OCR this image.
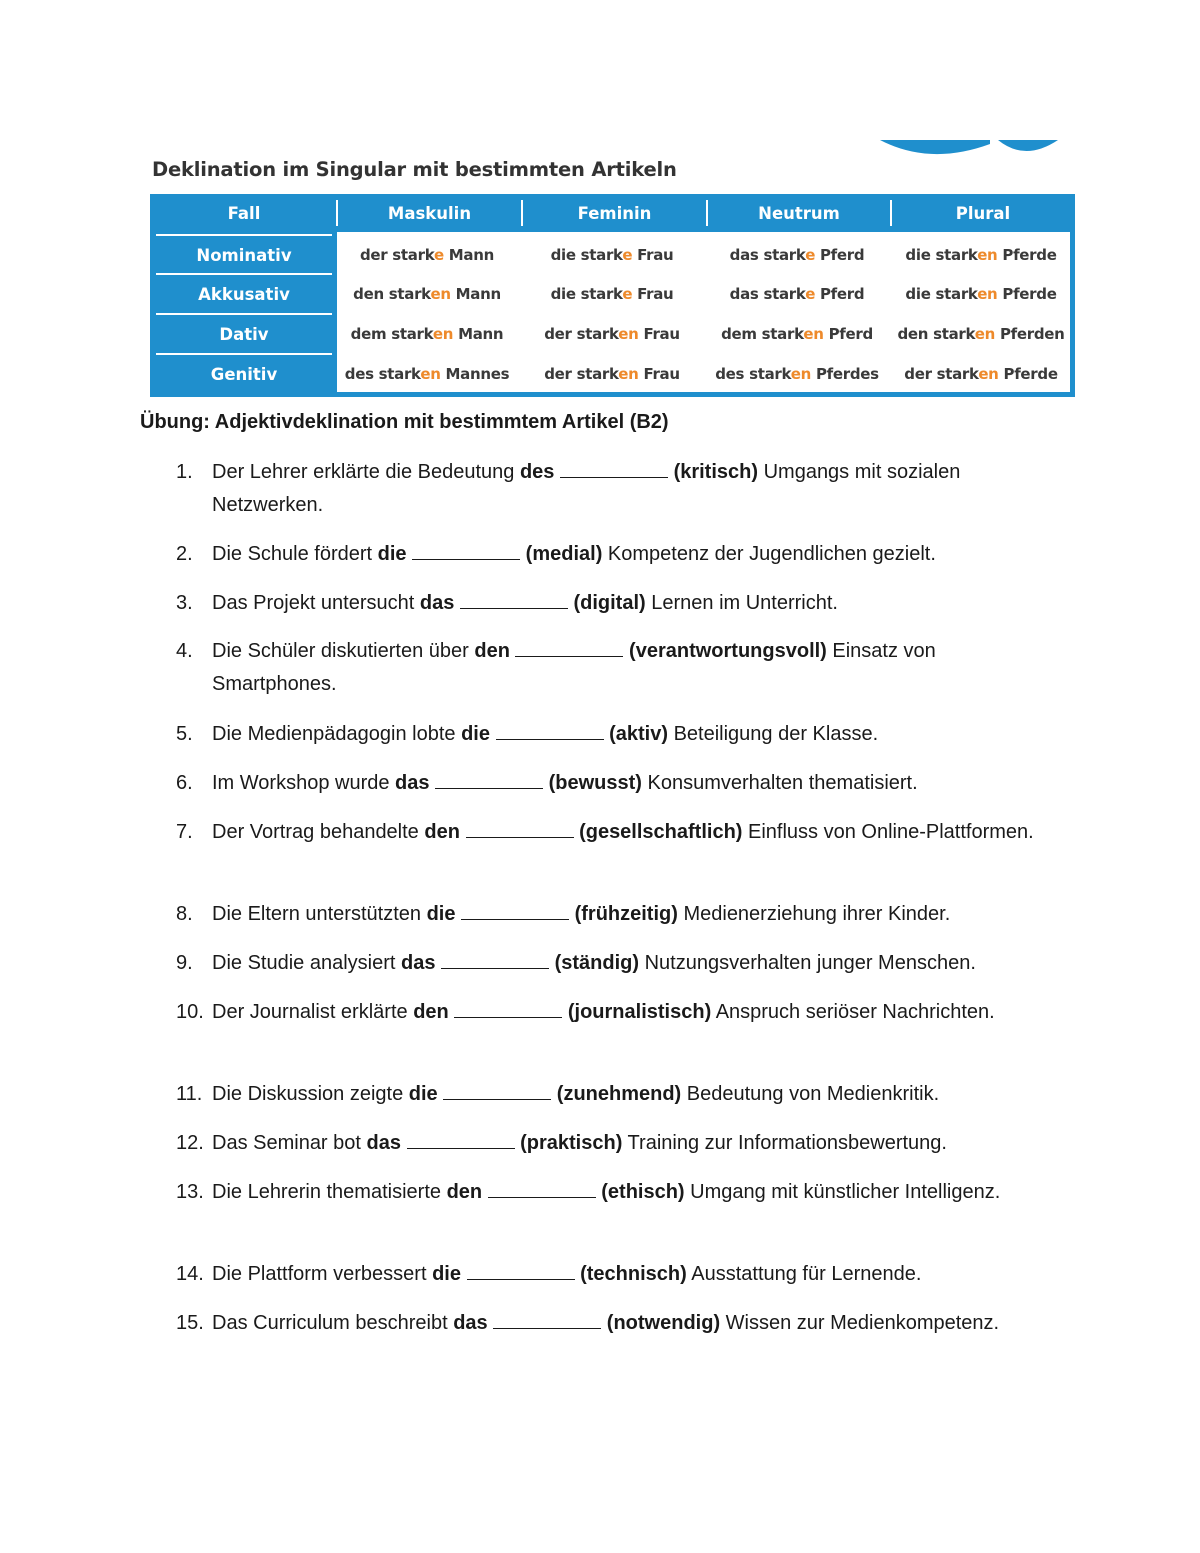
Deklination im Singular mit bestimmten Artikeln
Fall	Maskulin	Feminin	Neutrum	Plural
Nominativ	der starke Mann	die starke Frau	das starke Pferd	die starken Pferde
Akkusativ	den starken Mann	die starke Frau	das starke Pferd	die starken Pferde
Dativ	dem starken Mann	der starken Frau	dem starken Pferd	den starken Pferden
Genitiv	des starken Mannes	der starken Frau	des starken Pferdes	der starken Pferde
Übung: Adjektivdeklination mit bestimmtem Artikel (B2)
1. Der Lehrer erklärte die Bedeutung des	(kritisch) Umgangs mit sozialen Netzwerken.
2. Die Schule fördert die	(medial) Kompetenz der Jugendlichen gezielt.
3. Das Projekt untersucht das	(digital) Lernen im Unterricht.
4. Die Schüler diskutierten über den	(verantwortungsvoll) Einsatz von Smartphones.
5. Die Medienpädagogin lobte die	(aktiv) Beteiligung der Klasse.
6. Im Workshop wurde das	(bewusst) Konsumverhalten thematisiert.
7. Der Vortrag behandelte den	(gesellschaftlich) Einfluss von Online-Plattformen.
8. Die Eltern unterstützten die	(frühzeitig) Medienerziehung ihrer Kinder.
9. Die Studie analysiert das	(ständig) Nutzungsverhalten junger Menschen.
10. Der Journalist erklärte den	(journalistisch) Anspruch seriöser Nachrichten.
11. Die Diskussion zeigte die	(zunehmend) Bedeutung von Medienkritik.
12. Das Seminar bot das	(praktisch) Training zur Informationsbewertung.
13. Die Lehrerin thematisierte den	(ethisch) Umgang mit künstlicher Intelligenz.
14. Die Plattform verbessert die	(technisch) Ausstattung für Lernende.
15. Das Curriculum beschreibt das	(notwendig) Wissen zur Medienkompetenz.
